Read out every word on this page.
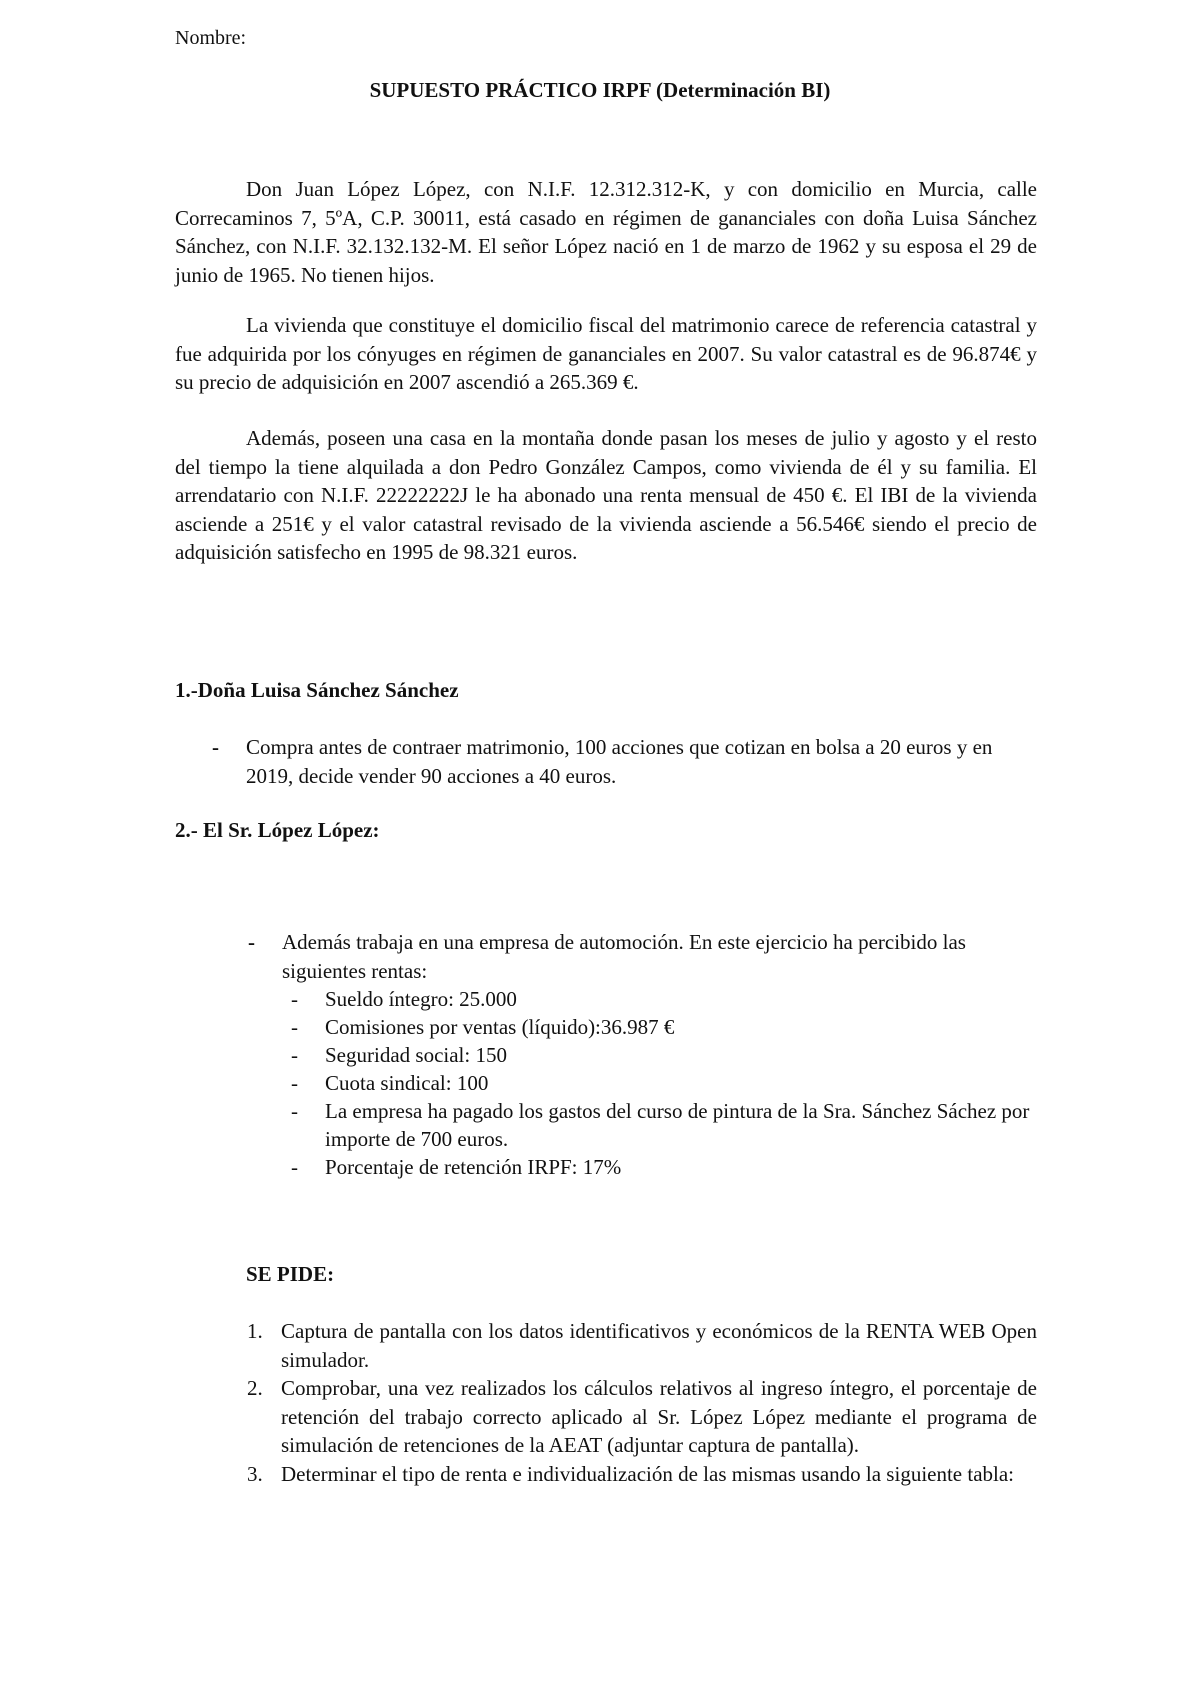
Nombre:
SUPUESTO PRÁCTICO IRPF (Determinación BI)

Don Juan López López, con N.I.F. 12.312.312-K, y con domicilio en Murcia, calle Correcaminos 7, 5ºA, C.P. 30011, está casado en régimen de gananciales con doña Luisa Sánchez Sánchez, con N.I.F. 32.132.132-M. El señor López nació en 1 de marzo de 1962 y su esposa el 29 de junio de 1965. No tienen hijos.

La vivienda que constituye el domicilio fiscal del matrimonio carece de referencia catastral y fue adquirida por los cónyuges en régimen de gananciales en 2007. Su valor catastral es de 96.874€ y su precio de adquisición en 2007 ascendió a 265.369 €.

Además, poseen una casa en la montaña donde pasan los meses de julio y agosto y el resto del tiempo la tiene alquilada a don Pedro González Campos, como vivienda de él y su familia. El arrendatario con N.I.F. 22222222J le ha abonado una renta mensual de 450 €. El IBI de la vivienda asciende a 251€ y el valor catastral revisado de la vivienda asciende a 56.546€ siendo el precio de adquisición satisfecho en 1995 de 98.321 euros.

1.-Doña Luisa Sánchez Sánchez
- Compra antes de contraer matrimonio, 100 acciones que cotizan en bolsa a 20 euros y en 2019, decide vender 90 acciones a 40 euros.
2.- El Sr. López López:
- Además trabaja en una empresa de automoción. En este ejercicio ha percibido las siguientes rentas:
- Sueldo íntegro: 25.000
- Comisiones por ventas (líquido):36.987 €
- Seguridad social: 150
- Cuota sindical: 100
- La empresa ha pagado los gastos del curso de pintura de la Sra. Sánchez Sáchez por importe de 700 euros.
- Porcentaje de retención IRPF: 17%
SE PIDE:
1. Captura de pantalla con los datos identificativos y económicos de la RENTA WEB Open simulador.
2. Comprobar, una vez realizados los cálculos relativos al ingreso íntegro, el porcentaje de retención del trabajo correcto aplicado al Sr. López López mediante el programa de simulación de retenciones de la AEAT (adjuntar captura de pantalla).
3. Determinar el tipo de renta e individualización de las mismas usando la siguiente tabla:
